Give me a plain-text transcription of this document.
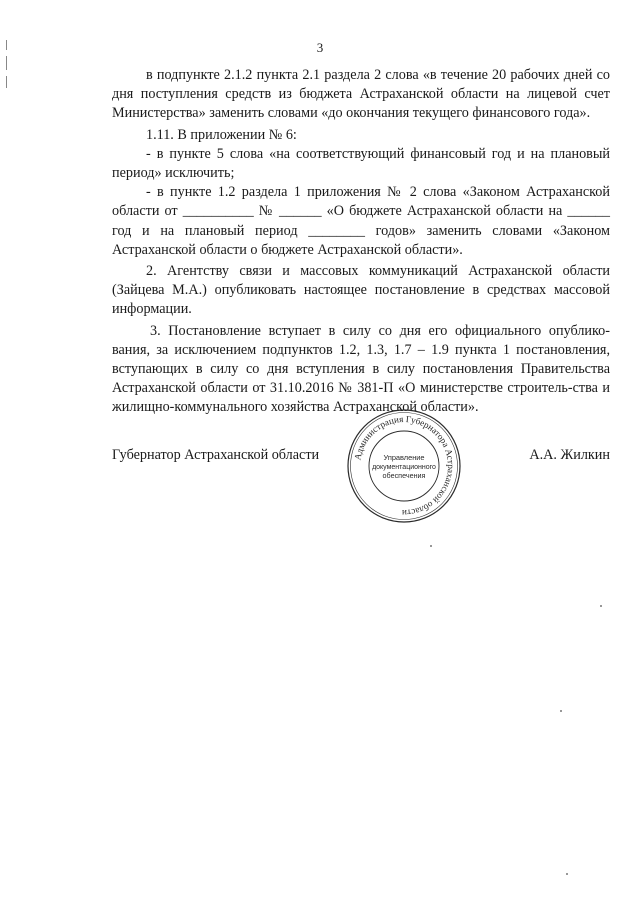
3

в подпункте 2.1.2 пункта 2.1 раздела 2 слова «в течение 20 рабочих дней со дня поступления средств из бюджета Астраханской области на лицевой счет Министерства» заменить словами «до окончания текущего финансового года».

1.11. В приложении № 6:

- в пункте 5 слова «на соответствующий финансовый год и на плановый период» исключить;

- в пункте 1.2 раздела 1 приложения № 2 слова «Законом Астраханской области от __________ № ______ «О бюджете Астраханской области на ______ год и на плановый период ________ годов» заменить словами «Законом Астраханской области о бюджете Астраханской области».

2. Агентству связи и массовых коммуникаций Астраханской области (Зайцева М.А.) опубликовать настоящее постановление в средствах массовой информации.

3. Постановление вступает в силу со дня его официального опублико-вания, за исключением подпунктов 1.2, 1.3, 1.7 – 1.9 пункта 1 постановления, вступающих в силу со дня вступления в силу постановления Правительства Астраханской области от 31.10.2016 № 381-П «О министерстве строитель-ства и жилищно-коммунального хозяйства Астраханской области».

Губернатор Астраханской области	А.А. Жилкин
Администрация Губернатора Астраханской области
Управление
документационного
обеспечения
